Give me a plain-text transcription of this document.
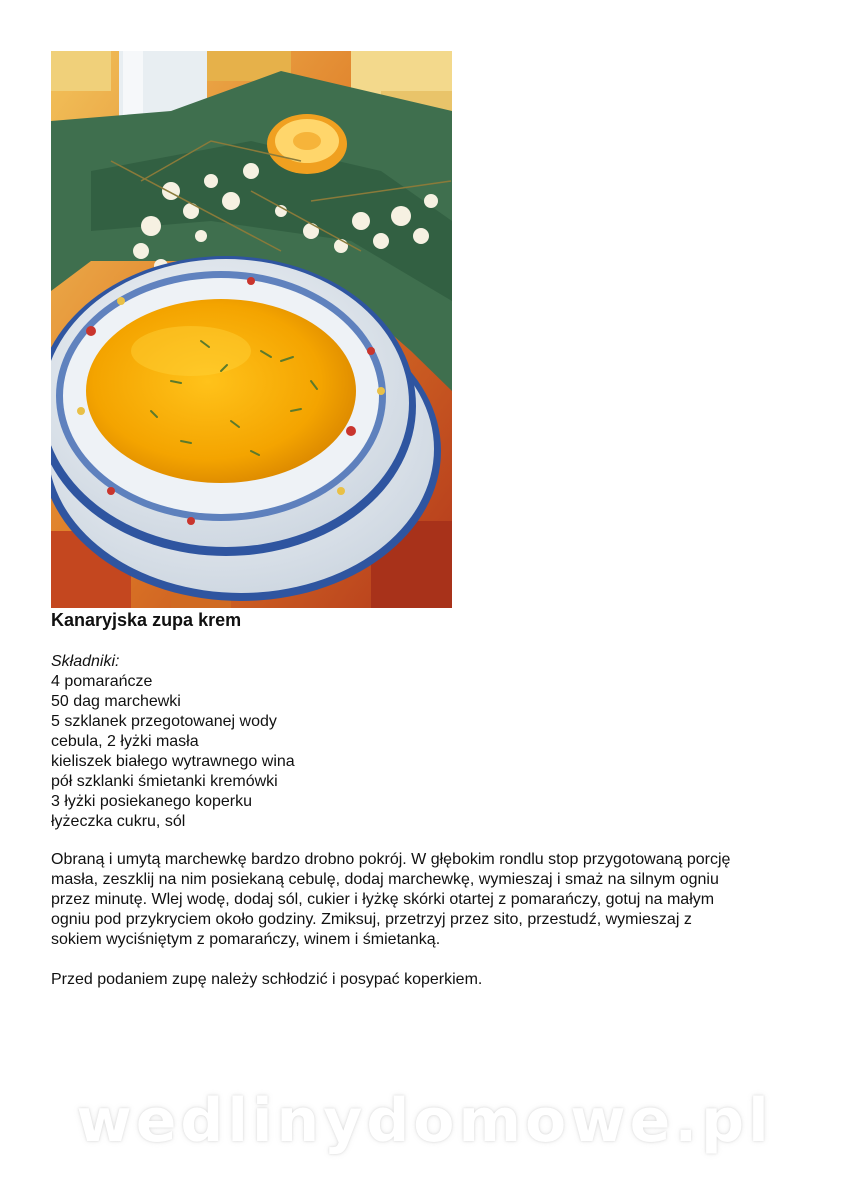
Kanaryjska zupa krem
Składniki:
4 pomarańcze
50 dag marchewki
5 szklanek przegotowanej wody
cebula, 2 łyżki masła
kieliszek białego wytrawnego wina
pół szklanki śmietanki kremówki
3 łyżki posiekanego koperku
łyżeczka cukru, sól

Obraną i umytą marchewkę bardzo drobno pokrój. W głębokim rondlu stop przygotowaną porcję
masła, zeszklij na nim posiekaną cebulę, dodaj marchewkę, wymieszaj i smaż na silnym ogniu
przez minutę. Wlej wodę, dodaj sól, cukier i łyżkę skórki otartej z pomarańczy, gotuj na małym
ogniu pod przykryciem około godziny. Zmiksuj, przetrzyj przez sito, przestudź, wymieszaj z
sokiem wyciśniętym z pomarańczy, winem i śmietanką.

Przed podaniem zupę należy schłodzić i posypać koperkiem.

wedlinydomowe.pl
